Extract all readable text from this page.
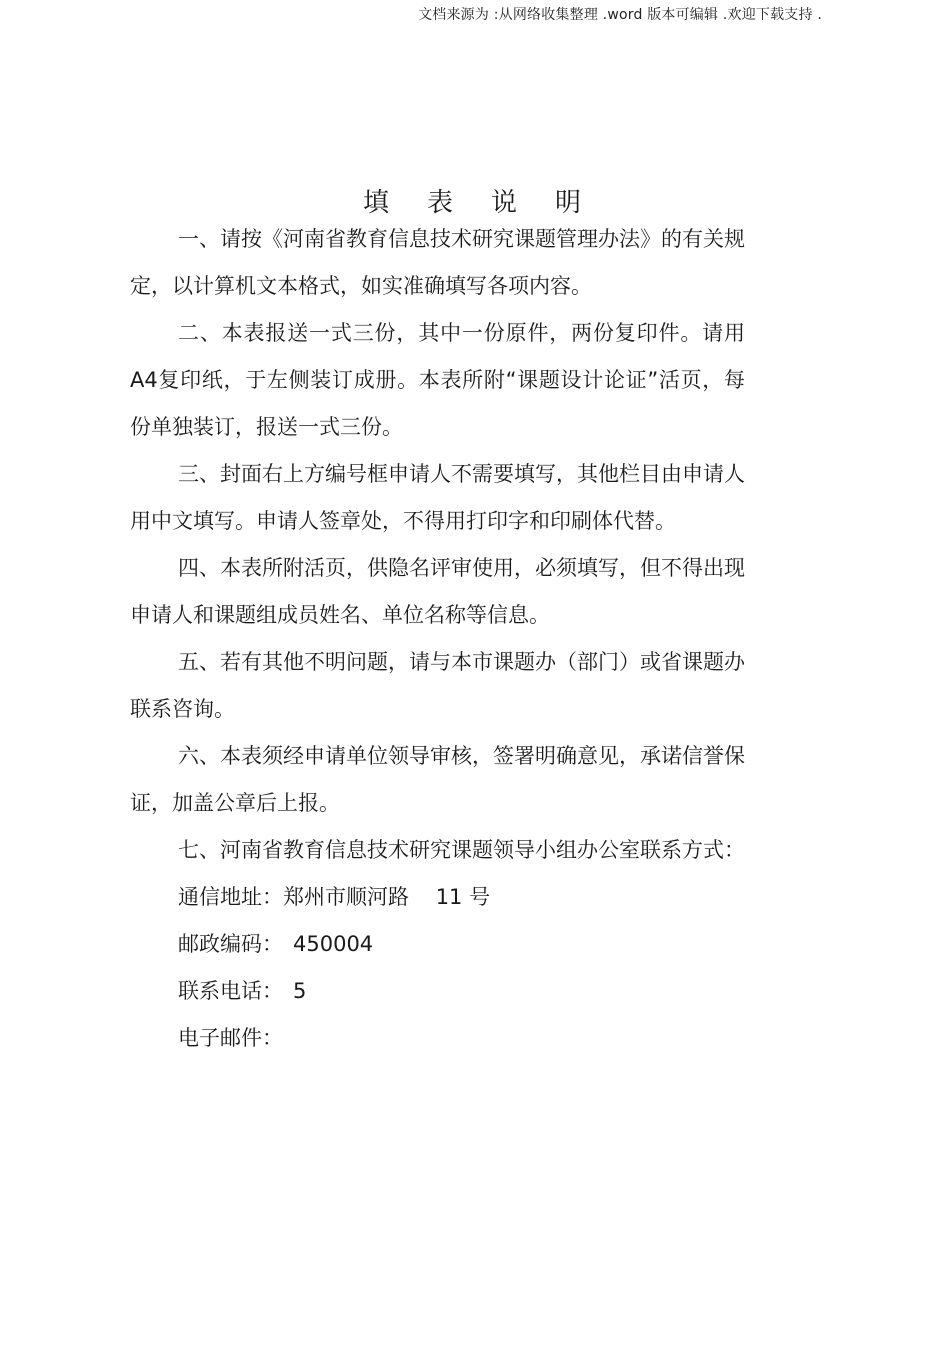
文档来源为 :从网络收集整理 .word 版本可编辑 .欢迎下载支持 .
填表说明

一、请按《河南省教育信息技术研究课题管理办法》的有关规定，以计算机文本格式，如实准确填写各项内容。

二、本表报送一式三份，其中一份原件，两份复印件。请用 A4复印纸，于左侧装订成册。本表所附“课题设计论证”活页，每份单独装订，报送一式三份。

三、封面右上方编号框申请人不需要填写，其他栏目由申请人用中文填写。申请人签章处，不得用打印字和印刷体代替。

四、本表所附活页，供隐名评审使用，必须填写，但不得出现申请人和课题组成员姓名、单位名称等信息。

五、若有其他不明问题，请与本市课题办（部门）或省课题办联系咨询。

六、本表须经申请单位领导审核，签署明确意见，承诺信誉保证，加盖公章后上报。

七、河南省教育信息技术研究课题领导小组办公室联系方式：

通信地址：郑州市顺河路    11 号

邮政编码： 450004

联系电话： 5

电子邮件：
